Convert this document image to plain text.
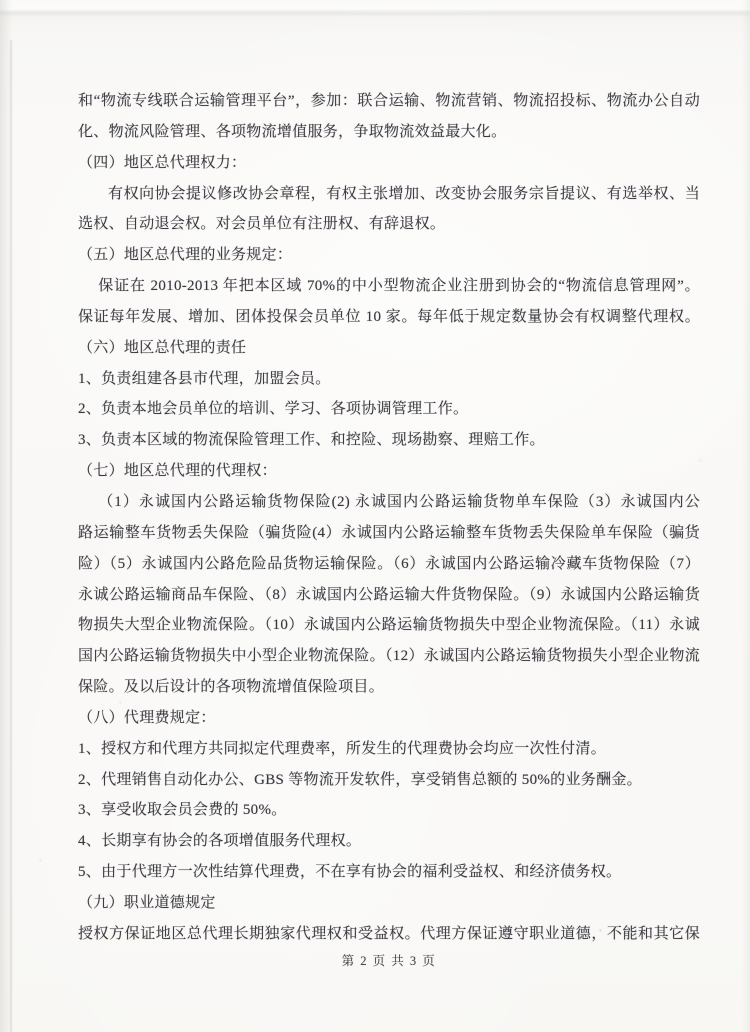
和“物流专线联合运输管理平台”，参加：联合运输、物流营销、物流招投标、物流办公自动
化、物流风险管理、各项物流增值服务，争取物流效益最大化。
（四）地区总代理权力：
有权向协会提议修改协会章程，有权主张增加、改变协会服务宗旨提议、有选举权、当
选权、自动退会权。对会员单位有注册权、有辞退权。
（五）地区总代理的业务规定：
保证在 2010-2013 年把本区域 70%的中小型物流企业注册到协会的“物流信息管理网”。
保证每年发展、增加、团体投保会员单位 10 家。每年低于规定数量协会有权调整代理权。
（六）地区总代理的责任
1、负责组建各县市代理，加盟会员。
2、负责本地会员单位的培训、学习、各项协调管理工作。
3、负责本区域的物流保险管理工作、和控险、现场勘察、理赔工作。
（七）地区总代理的代理权：
（1）永诚国内公路运输货物保险(2) 永诚国内公路运输货物单车保险（3）永诚国内公
路运输整车货物丢失保险（骗货险(4）永诚国内公路运输整车货物丢失保险单车保险（骗货
险）（5）永诚国内公路危险品货物运输保险。（6）永诚国内公路运输冷藏车货物保险（7）
永诚公路运输商品车保险、（8）永诚国内公路运输大件货物保险。（9）永诚国内公路运输货
物损失大型企业物流保险。（10）永诚国内公路运输货物损失中型企业物流保险。（11）永诚
国内公路运输货物损失中小型企业物流保险。（12）永诚国内公路运输货物损失小型企业物流
保险。及以后设计的各项物流增值保险项目。
（八）代理费规定：
1、授权方和代理方共同拟定代理费率，所发生的代理费协会均应一次性付清。
2、代理销售自动化办公、GBS 等物流开发软件，享受销售总额的 50%的业务酬金。
3、享受收取会员会费的 50%。
4、长期享有协会的各项增值服务代理权。
5、由于代理方一次性结算代理费，不在享有协会的福利受益权、和经济债务权。
（九）职业道德规定
授权方保证地区总代理长期独家代理权和受益权。代理方保证遵守职业道德，不能和其它保
第 2 页 共 3 页
